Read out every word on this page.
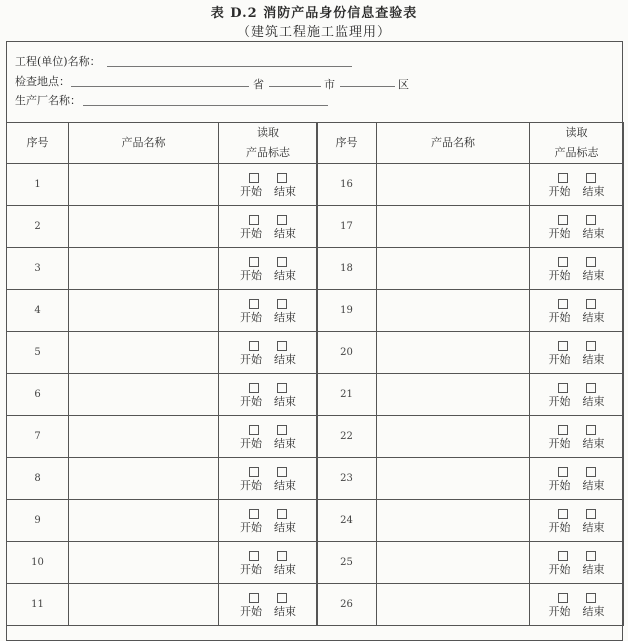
表 D.2 消防产品身份信息查验表
（建筑工程施工监理用）
工程(单位)名称：
检查地点：	省	市	区
生产厂名称：
序号	产品名称	读取
产品标志

1		开始 结束

2		开始 结束

3		开始 结束

4		开始 结束

5		开始 结束

6		开始 结束

7		开始 结束

8		开始 结束

9		开始 结束

10		开始 结束

11		开始 结束
序号	产品名称	读取
产品标志

16		开始 结束

17		开始 结束

18		开始 结束

19		开始 结束

20		开始 结束

21		开始 结束

22		开始 结束

23		开始 结束

24		开始 结束

25		开始 结束

26		开始 结束
